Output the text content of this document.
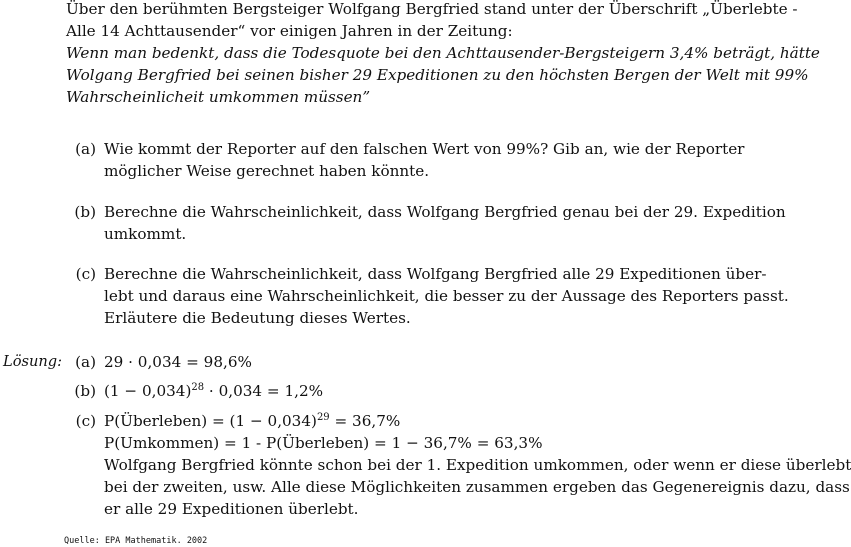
Über den berühmten Bergsteiger Wolfgang Bergfried stand unter der Überschrift „Überlebte -
Alle 14 Achttausender“ vor einigen Jahren in der Zeitung:
Wenn man bedenkt, dass die Todesquote bei den Achttausender-Bergsteigern 3,4% beträgt, hätte
Wolgang Bergfried bei seinen bisher 29 Expeditionen zu den höchsten Bergen der Welt mit 99%
Wahrscheinlicheit umkommen müssen”
(a) Wie kommt der Reporter auf den falschen Wert von 99%? Gib an, wie der Reporter
möglicher Weise gerechnet haben könnte.
(b) Berechne die Wahrscheinlichkeit, dass Wolfgang Bergfried genau bei der 29. Expedition
umkommt.
(c) Berechne die Wahrscheinlichkeit, dass Wolfgang Bergfried alle 29 Expeditionen über-
lebt und daraus eine Wahrscheinlichkeit, die besser zu der Aussage des Reporters passt.
Erläutere die Bedeutung dieses Wertes.
Lösung: (a) 29 · 0,034 = 98,6%
(b) $(1 - 0,034)^{28} \cdot 0,034 = 1,2\%$
(c) P(Überleben) = $(1 - 0,034)^{29} = 36,7\%$
P(Umkommen) = 1 - P(Überleben) = 1 − 36,7% = 63,3%
Wolfgang Bergfried könnte schon bei der 1. Expedition umkommen, oder wenn er diese überlebt
bei der zweiten, usw. Alle diese Möglichkeiten zusammen ergeben das Gegenereignis dazu, dass
er alle 29 Expeditionen überlebt.
Quelle: EPA Mathematik. 2002
